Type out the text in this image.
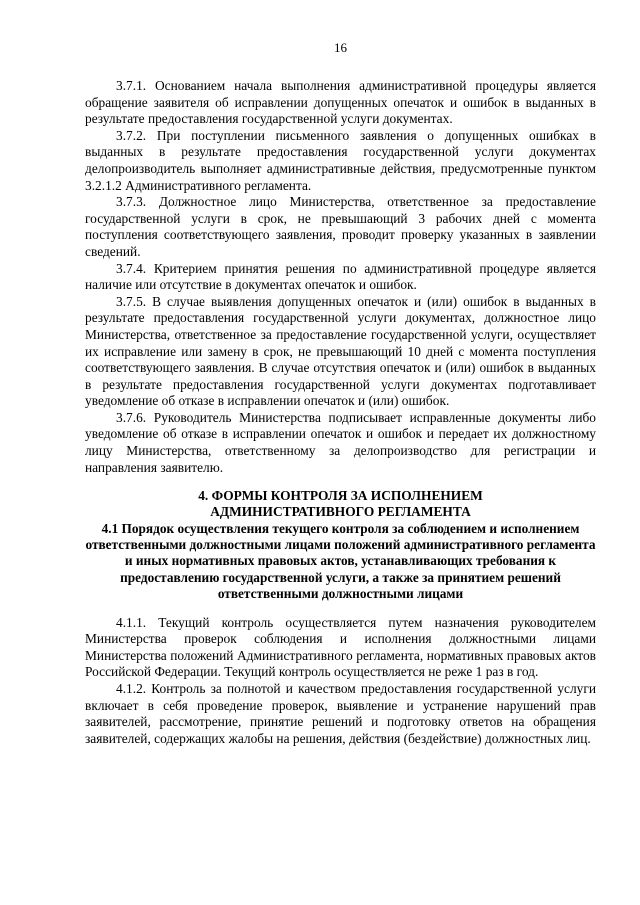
16

3.7.1. Основанием начала выполнения административной процедуры является обращение заявителя об исправлении допущенных опечаток и ошибок в выданных в результате предоставления государственной услуги документах.

3.7.2. При поступлении письменного заявления о допущенных ошибках в выданных в результате предоставления государственной услуги документах делопроизводитель выполняет административные действия, предусмотренные пунктом 3.2.1.2 Административного регламента.

3.7.3. Должностное лицо Министерства, ответственное за предоставление государственной услуги в срок, не превышающий 3 рабочих дней с момента поступления соответствующего заявления, проводит проверку указанных в заявлении сведений.

3.7.4. Критерием принятия решения по административной процедуре является наличие или отсутствие в документах опечаток и ошибок.

3.7.5. В случае выявления допущенных опечаток и (или) ошибок в выданных в результате предоставления государственной услуги документах, должностное лицо Министерства, ответственное за предоставление государственной услуги, осуществляет их исправление или замену в срок, не превышающий 10 дней с момента поступления соответствующего заявления. В случае отсутствия опечаток и (или) ошибок в выданных в результате предоставления государственной услуги документах подготавливает уведомление об отказе в исправлении опечаток и (или) ошибок.

3.7.6. Руководитель Министерства подписывает исправленные документы либо уведомление об отказе в исправлении опечаток и ошибок и передает их должностному лицу Министерства, ответственному за делопроизводство для регистрации и направления заявителю.

4. ФОРМЫ КОНТРОЛЯ ЗА ИСПОЛНЕНИЕМ
АДМИНИСТРАТИВНОГО РЕГЛАМЕНТА
4.1 Порядок осуществления текущего контроля за соблюдением и исполнением ответственными должностными лицами положений административного регламента и иных нормативных правовых актов, устанавливающих требования к предоставлению государственной услуги, а также за принятием решений ответственными должностными лицами

4.1.1. Текущий контроль осуществляется путем назначения руководителем Министерства проверок соблюдения и исполнения должностными лицами Министерства положений Административного регламента, нормативных правовых актов Российской Федерации. Текущий контроль осуществляется не реже 1 раз в год.

4.1.2. Контроль за полнотой и качеством предоставления государственной услуги включает в себя проведение проверок, выявление и устранение нарушений прав заявителей, рассмотрение, принятие решений и подготовку ответов на обращения заявителей, содержащих жалобы на решения, действия (бездействие) должностных лиц.
